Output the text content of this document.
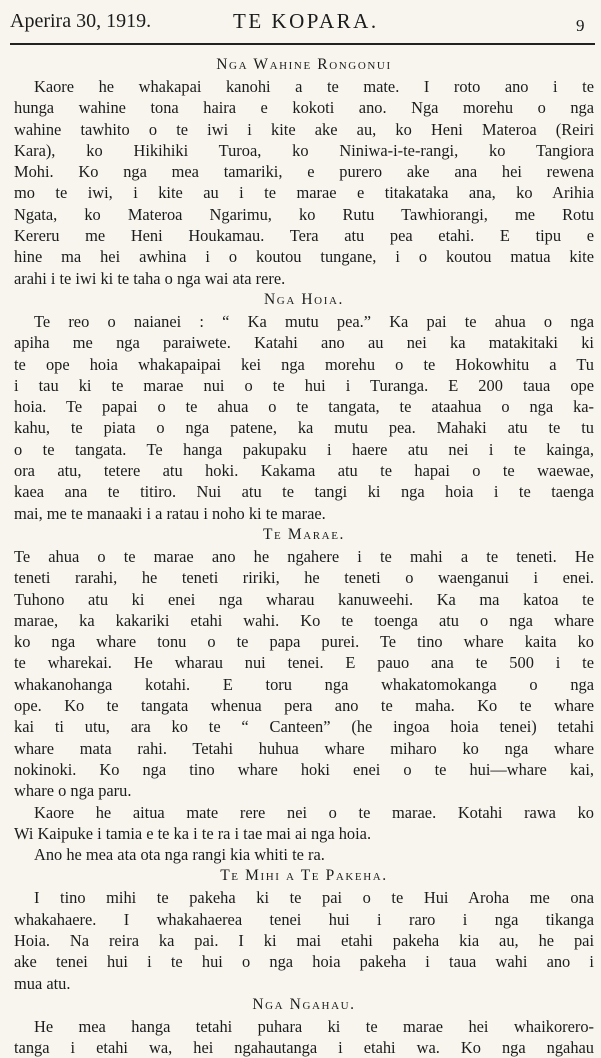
Aperira 30, 1919.	TE KOPARA.	9
Nga Wahine Rongonui
Kaore he whakapai kanohi a te mate. I roto ano i te
hunga wahine tona haira e kokoti ano. Nga morehu o nga
wahine tawhito o te iwi i kite ake au, ko Heni Materoa (Reiri
Kara), ko Hikihiki Turoa, ko Niniwa-i-te-rangi, ko Tangiora
Mohi. Ko nga mea tamariki, e purero ake ana hei rewena
mo te iwi, i kite au i te marae e titakataka ana, ko Arihia
Ngata, ko Materoa Ngarimu, ko Rutu Tawhiorangi, me Rotu
Kereru me Heni Houkamau. Tera atu pea etahi. E tipu e
hine ma hei awhina i o koutou tungane, i o koutou matua kite
arahi i te iwi ki te taha o nga wai ata rere.
Nga Hoia.
Te reo o naianei : “ Ka mutu pea.” Ka pai te ahua o nga
apiha me nga paraiwete. Katahi ano au nei ka matakitaki ki
te ope hoia whakapaipai kei nga morehu o te Hokowhitu a Tu
i tau ki te marae nui o te hui i Turanga. E 200 taua ope
hoia. Te papai o te ahua o te tangata, te ataahua o nga ka-
kahu, te piata o nga patene, ka mutu pea. Mahaki atu te tu
o te tangata. Te hanga pakupaku i haere atu nei i te kainga,
ora atu, tetere atu hoki. Kakama atu te hapai o te waewae,
kaea ana te titiro. Nui atu te tangi ki nga hoia i te taenga
mai, me te manaaki i a ratau i noho ki te marae.
Te Marae.
Te ahua o te marae ano he ngahere i te mahi a te teneti. He
teneti rarahi, he teneti ririki, he teneti o waenganui i enei.
Tuhono atu ki enei nga wharau kanuweehi. Ka ma katoa te
marae, ka kakariki etahi wahi. Ko te toenga atu o nga whare
ko nga whare tonu o te papa purei. Te tino whare kaita ko
te wharekai. He wharau nui tenei. E pauo ana te 500 i te
whakanohanga kotahi. E toru nga whakatomokanga o nga
ope. Ko te tangata whenua pera ano te maha. Ko te whare
kai ti utu, ara ko te “ Canteen” (he ingoa hoia tenei) tetahi
whare mata rahi. Tetahi huhua whare miharo ko nga whare
nokinoki. Ko nga tino whare hoki enei o te hui—whare kai,
whare o nga paru.
Kaore he aitua mate rere nei o te marae. Kotahi rawa ko
Wi Kaipuke i tamia e te ka i te ra i tae mai ai nga hoia.
Ano he mea ata ota nga rangi kia whiti te ra.
Te Mihi a Te Pakeha.
I tino mihi te pakeha ki te pai o te Hui Aroha me ona
whakahaere. I whakahaerea tenei hui i raro i nga tikanga
Hoia. Na reira ka pai. I ki mai etahi pakeha kia au, he pai
ake tenei hui i te hui o nga hoia pakeha i taua wahi ano i
mua atu.
Nga Ngahau.
He mea hanga tetahi puhara ki te marae hei whaikorero-
tanga i etahi wa, hei ngahautanga i etahi wa. Ko nga ngahau
